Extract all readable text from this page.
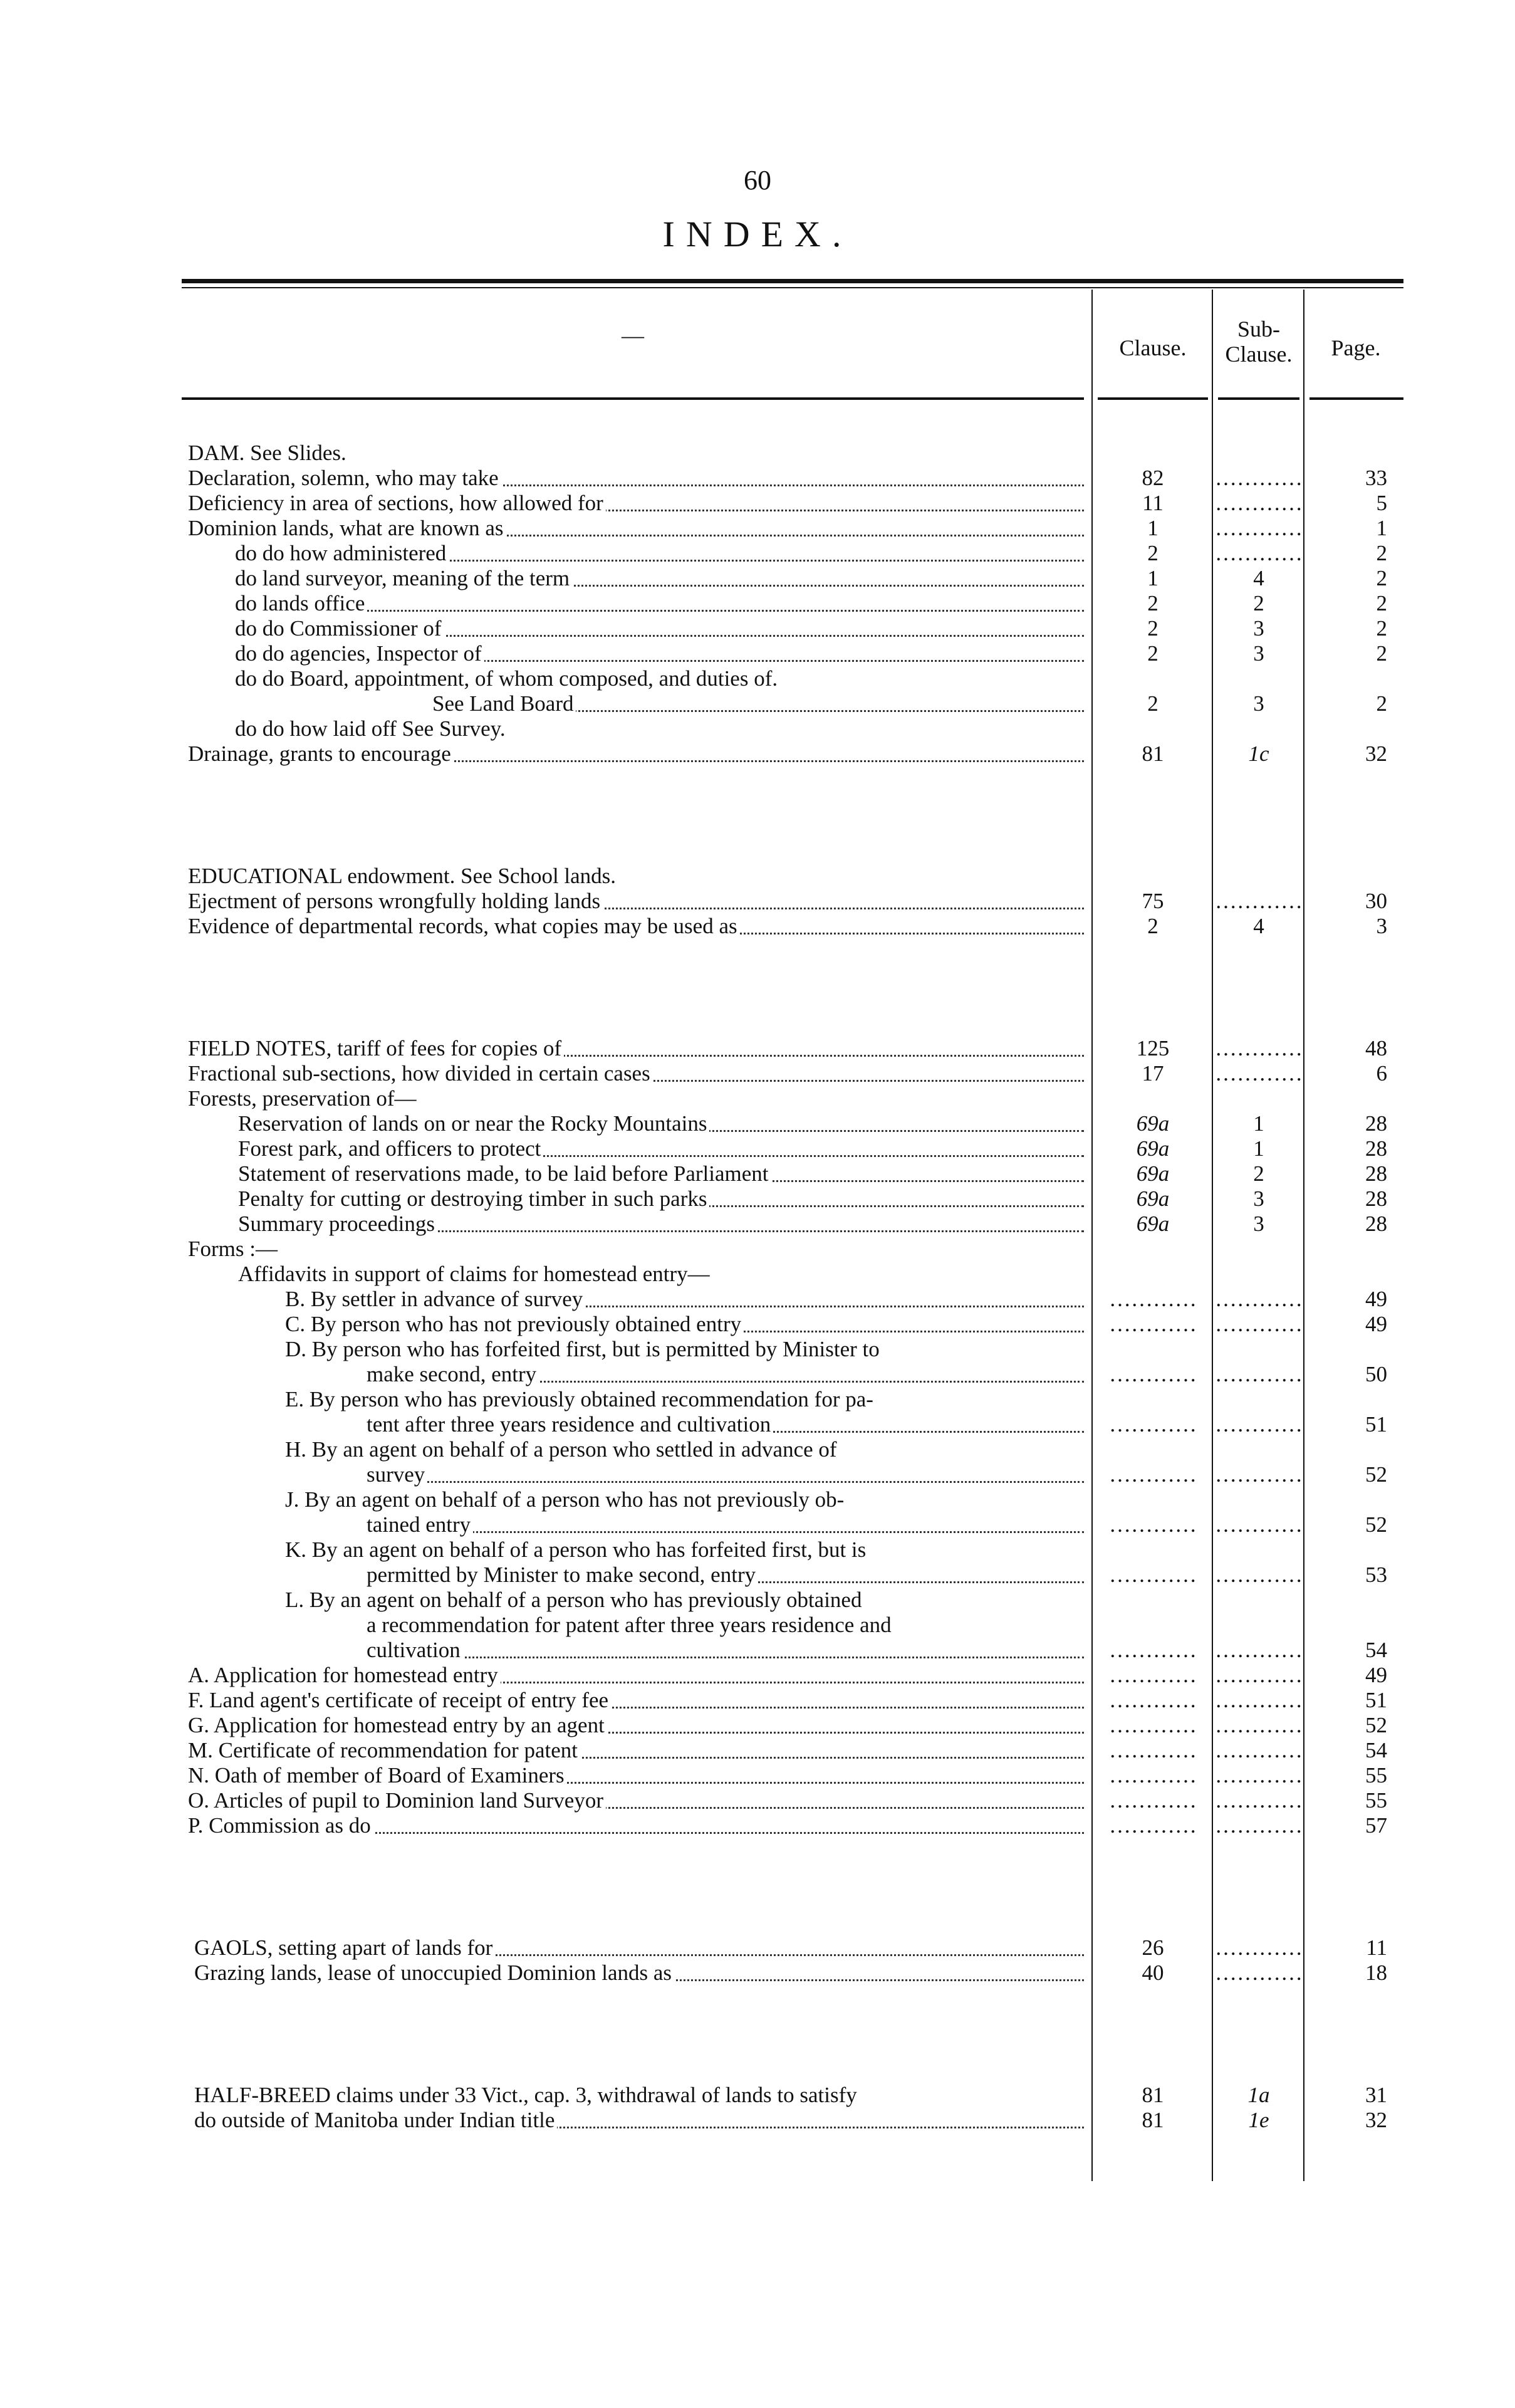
60
INDEX.
—	Clause.
Sub-
Clause.	Page.
DAM. See Slides.
Declaration, solemn, who may take	82	…………	33
Deficiency in area of sections, how allowed for	11	…………	5
Dominion lands, what are known as	1	…………	1
do do how administered	2	…………	2
do land surveyor, meaning of the term	1	4	2
do lands office	2	2	2
do do Commissioner of	2	3	2
do do agencies, Inspector of	2	3	2
do do Board, appointment, of whom composed, and duties of.
See Land Board	2	3	2
do do how laid off See Survey.
Drainage, grants to encourage	81	1c	32
EDUCATIONAL endowment. See School lands.
Ejectment of persons wrongfully holding lands	75	…………	30
Evidence of departmental records, what copies may be used as	2	4	3
FIELD NOTES, tariff of fees for copies of	125	…………	48
Fractional sub-sections, how divided in certain cases	17	…………	6
Forests, preservation of—
Reservation of lands on or near the Rocky Mountains	69a	1	28
Forest park, and officers to protect	69a	1	28
Statement of reservations made, to be laid before Parliament	69a	2	28
Penalty for cutting or destroying timber in such parks	69a	3	28
Summary proceedings	69a	3	28
Forms :—
Affidavits in support of claims for homestead entry—
B. By settler in advance of survey	………… …………	49
C. By person who has not previously obtained entry	………… …………	49
D. By person who has forfeited first, but is permitted by Minister to
make second, entry	………… …………	50
E. By person who has previously obtained recommendation for pa-
tent after three years residence and cultivation	………… …………	51
H. By an agent on behalf of a person who settled in advance of
survey	………… …………	52
J. By an agent on behalf of a person who has not previously ob-
tained entry	………… …………	52
K. By an agent on behalf of a person who has forfeited first, but is
permitted by Minister to make second, entry	………… …………	53
L. By an agent on behalf of a person who has previously obtained
a recommendation for patent after three years residence and
cultivation	………… …………	54
A. Application for homestead entry	………… …………	49
F. Land agent's certificate of receipt of entry fee	………… …………	51
G. Application for homestead entry by an agent	………… …………	52
M. Certificate of recommendation for patent	………… …………	54
N. Oath of member of Board of Examiners	………… …………	55
O. Articles of pupil to Dominion land Surveyor	………… …………	55
P. Commission as do	………… …………	57
GAOLS, setting apart of lands for	26	…………	11
Grazing lands, lease of unoccupied Dominion lands as	40	…………	18
HALF-BREED claims under 33 Vict., cap. 3, withdrawal of lands to satisfy	81	1a	31
do outside of Manitoba under Indian title	81	1e	32
